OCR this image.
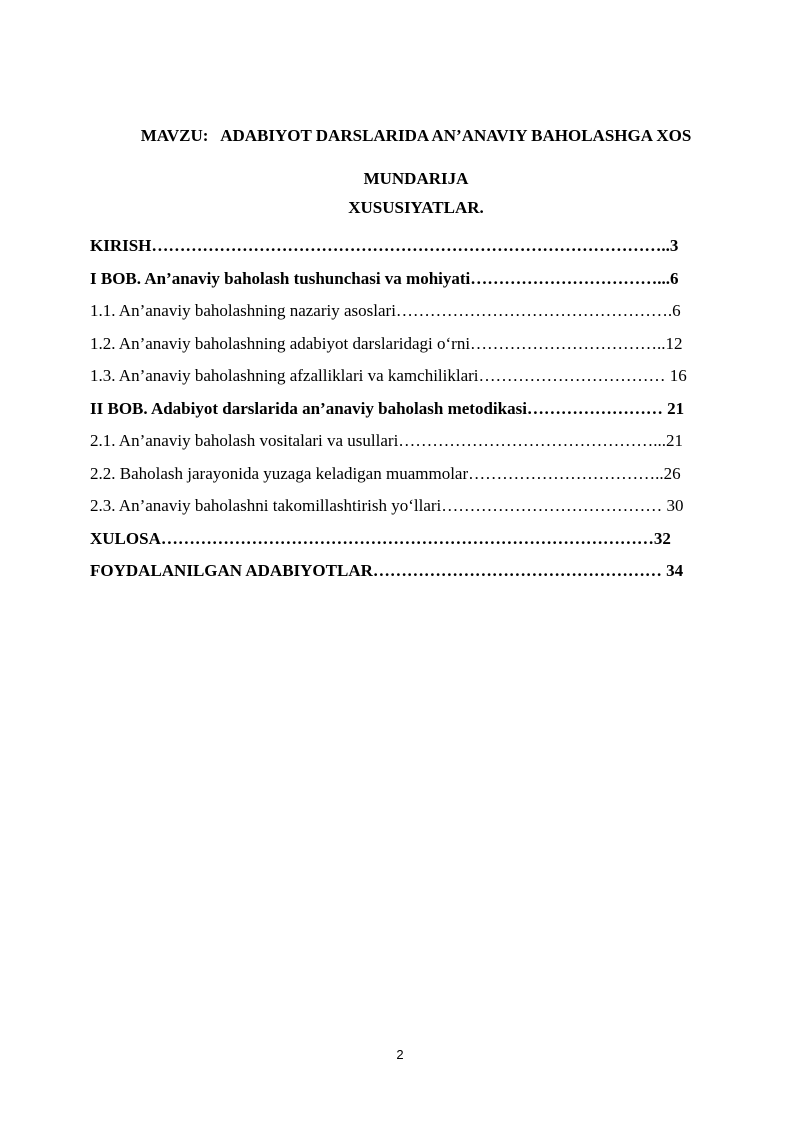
MAVZU:   ADABIYOT DARSLARIDA AN’ANAVIY BAHOLASHGA XOS

XUSUSIYATLAR.

MUNDARIJA
KIRISH………………………………………………………………………………..3
I BOB. An’anaviy baholash tushunchasi va mohiyati……………………………...6
1.1. An’anaviy baholashning nazariy asoslari………………………………………….6
1.2. An’anaviy baholashning adabiyot darslaridagi o‘rni……………………………..12
1.3. An’anaviy baholashning afzalliklari va kamchiliklari…………………………… 16
II BOB. Adabiyot darslarida an’anaviy baholash metodikasi…………………… 21
2.1. An’anaviy baholash vositalari va usullari………………………………………...21
2.2. Baholash jarayonida yuzaga keladigan muammolar……………………………..26
2.3. An’anaviy baholashni takomillashtirish yo‘llari………………………………… 30
XULOSA……………………………………………………………………………32
FOYDALANILGAN ADABIYOTLAR…………………………………………… 34
2
